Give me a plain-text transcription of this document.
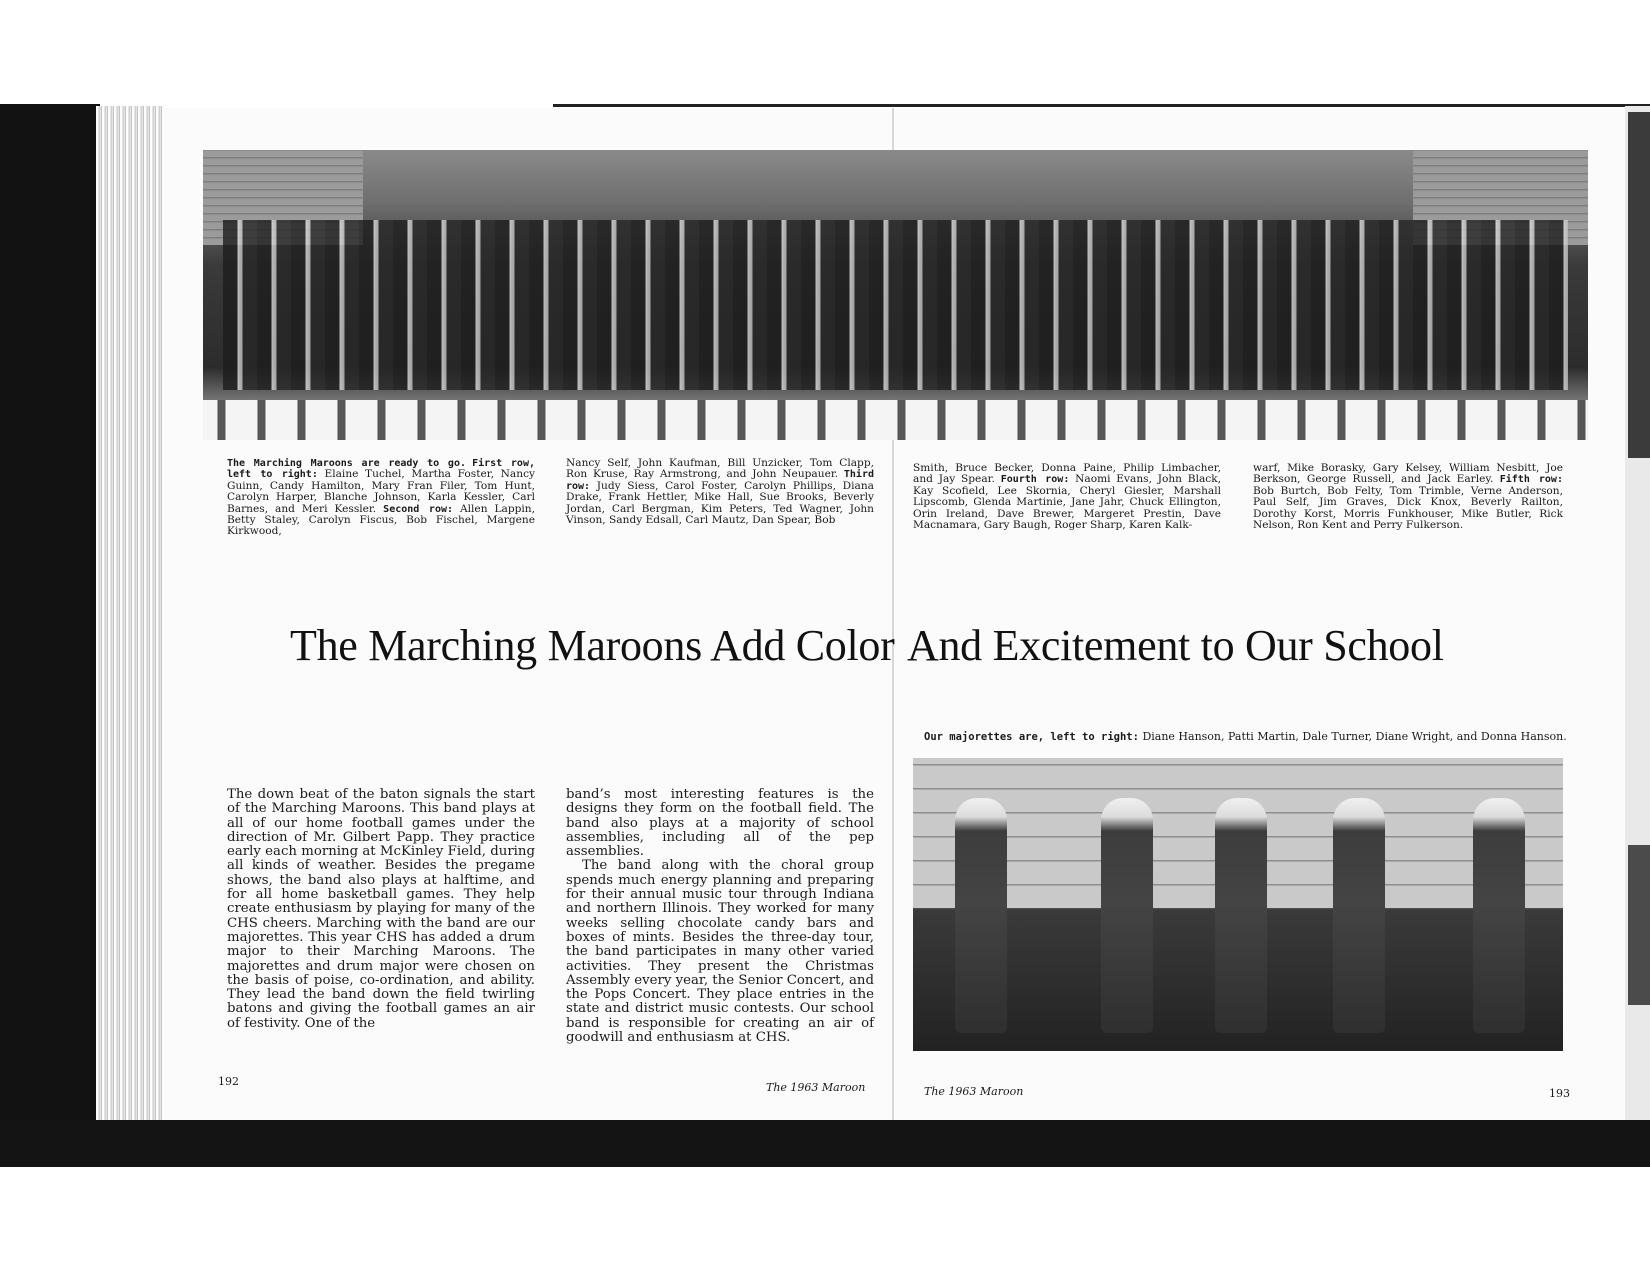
The Marching Maroons are ready to go. First row, left to right: Elaine Tuchel, Martha Foster, Nancy Guinn, Candy Hamilton, Mary Fran Filer, Tom Hunt, Carolyn Harper, Blanche Johnson, Karla Kessler, Carl Barnes, and Meri Kessler. Second row: Allen Lappin, Betty Staley, Carolyn Fiscus, Bob Fischel, Margene Kirkwood,
Nancy Self, John Kaufman, Bill Unzicker, Tom Clapp, Ron Kruse, Ray Armstrong, and John Neupauer. Third row: Judy Siess, Carol Foster, Carolyn Phillips, Diana Drake, Frank Hettler, Mike Hall, Sue Brooks, Beverly Jordan, Carl Bergman, Kim Peters, Ted Wagner, John Vinson, Sandy Edsall, Carl Mautz, Dan Spear, Bob
Smith, Bruce Becker, Donna Paine, Philip Limbacher, and Jay Spear. Fourth row: Naomi Evans, John Black, Kay Scofield, Lee Skornia, Cheryl Giesler, Marshall Lipscomb, Glenda Martinie, Jane Jahr, Chuck Ellington, Orin Ireland, Dave Brewer, Margeret Prestin, Dave Macnamara, Gary Baugh, Roger Sharp, Karen Kalk-
warf, Mike Borasky, Gary Kelsey, William Nesbitt, Joe Berkson, George Russell, and Jack Earley. Fifth row: Bob Burtch, Bob Felty, Tom Trimble, Verne Anderson, Paul Self, Jim Graves, Dick Knox, Beverly Railton, Dorothy Korst, Morris Funkhouser, Mike Butler, Rick Nelson, Ron Kent and Perry Fulkerson.
The Marching Maroons Add Color And Excitement to Our School
Our majorettes are, left to right: Diane Hanson, Patti Martin, Dale Turner, Diane Wright, and Donna Hanson.
The down beat of the baton signals the start of the Marching Maroons. This band plays at all of our home football games under the direction of Mr. Gilbert Papp. They practice early each morning at McKinley Field, during all kinds of weather. Besides the pregame shows, the band also plays at halftime, and for all home basketball games. They help create enthusiasm by playing for many of the CHS cheers. Marching with the band are our majorettes. This year CHS has added a drum major to their Marching Maroons. The majorettes and drum major were chosen on the basis of poise, co-ordination, and ability. They lead the band down the field twirling batons and giving the football games an air of festivity. One of the
band’s most interesting features is the designs they form on the football field. The band also plays at a majority of school assemblies, including all of the pep assemblies.
The band along with the choral group spends much energy planning and preparing for their annual music tour through Indiana and northern Illinois. They worked for many weeks selling chocolate candy bars and boxes of mints. Besides the three-day tour, the band participates in many other varied activities. They present the Christmas Assembly every year, the Senior Concert, and the Pops Concert. They place entries in the state and district music contests. Our school band is responsible for creating an air of goodwill and enthusiasm at CHS.
192	The 1963 Maroon	The 1963 Maroon	193
